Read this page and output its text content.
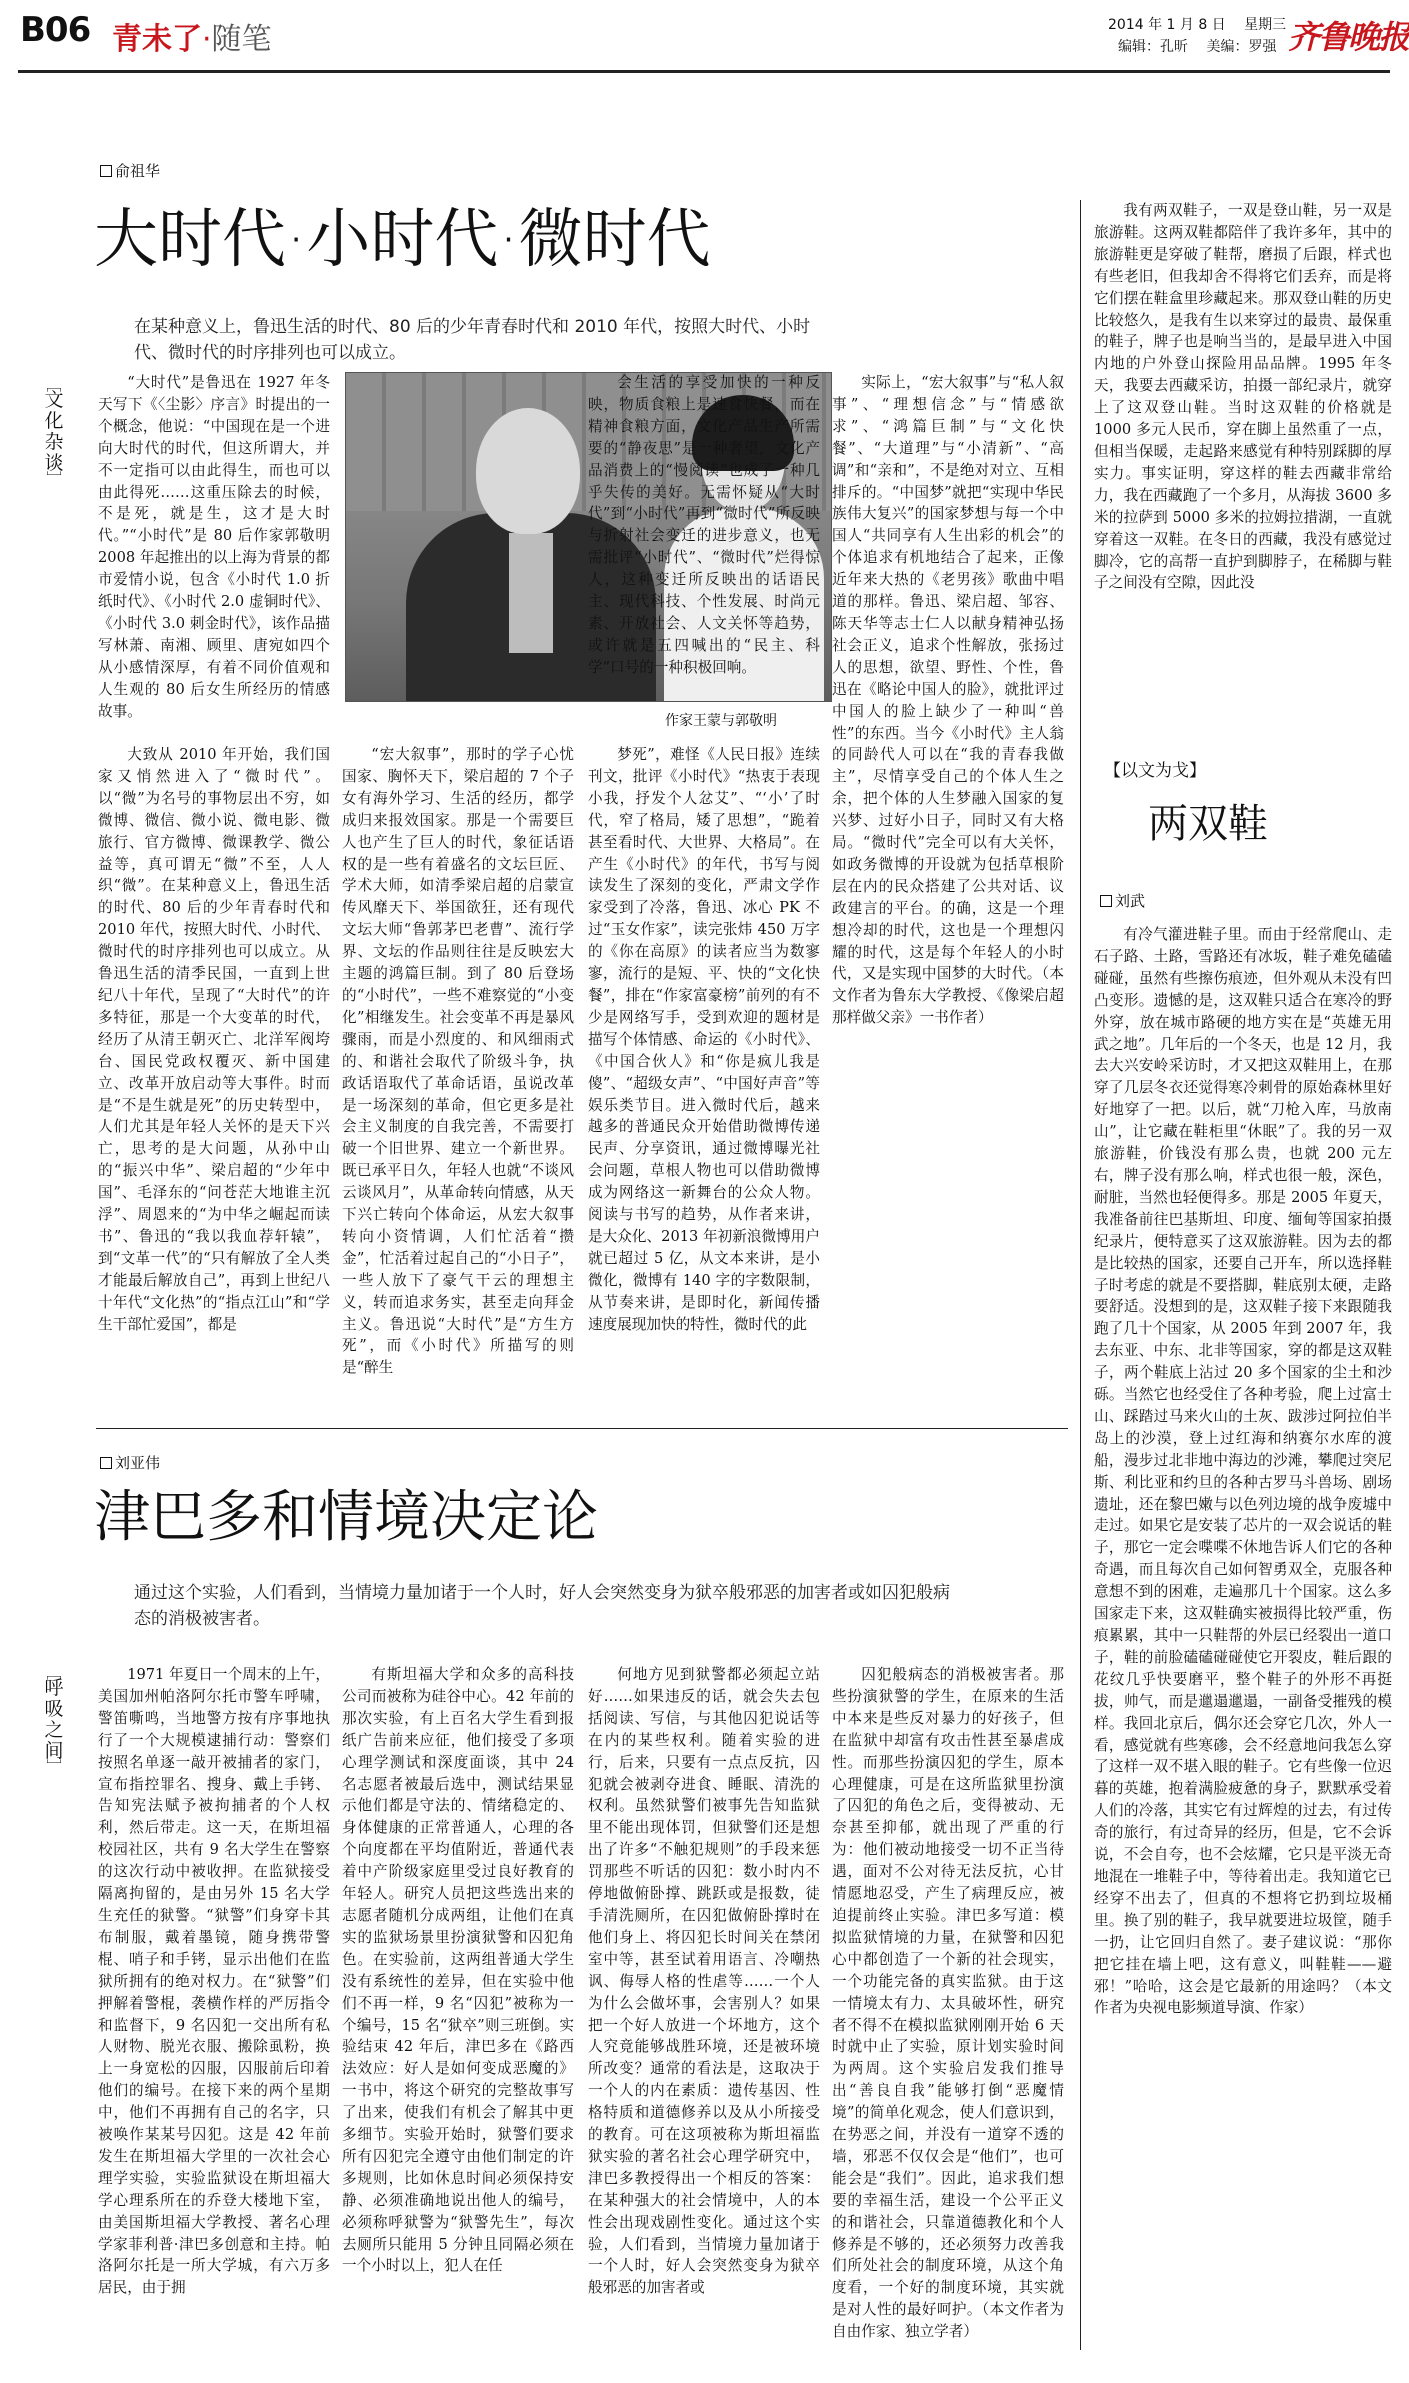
B06 青未了·随笔	2014 年 1 月 8 日 星期三
编辑：孔昕 美编：罗强 齐鲁晚报
俞祖华
大时代·小时代·微时代
在某种意义上，鲁迅生活的时代、80 后的少年青春时代和 2010 年代，按照大时代、小时代、微时代的时序排列也可以成立。
﹇
文
化
杂
谈
﹈

“大时代”是鲁迅在 1927 年冬天写下《〈尘影〉序言》时提出的一个概念，他说：“中国现在是一个进向大时代的时代，但这所谓大，并不一定指可以由此得生，而也可以由此得死……这重压除去的时候，不是死，就是生，这才是大时代。”“小时代”是 80 后作家郭敬明 2008 年起推出的以上海为背景的都市爱情小说，包含《小时代 1.0 折纸时代》、《小时代 2.0 虚铜时代》、《小时代 3.0 刺金时代》，该作品描写林萧、南湘、顾里、唐宛如四个从小感情深厚，有着不同价值观和人生观的 80 后女生所经历的情感故事。

作家王蒙与郭敬明

大致从 2010 年开始，我们国家又悄然进入了“微时代”。以“微”为名号的事物层出不穷，如微博、微信、微小说、微电影、微旅行、官方微博、微课教学、微公益等，真可谓无“微”不至，人人织“微”。在某种意义上，鲁迅生活的时代、80 后的少年青春时代和 2010 年代，按照大时代、小时代、微时代的时序排列也可以成立。从鲁迅生活的清季民国，一直到上世纪八十年代，呈现了“大时代”的许多特征，那是一个大变革的时代，经历了从清王朝灭亡、北洋军阀垮台、国民党政权覆灭、新中国建立、改革开放启动等大事件。时而是“不是生就是死”的历史转型中，人们尤其是年轻人关怀的是天下兴亡，思考的是大问题，从孙中山的“振兴中华”、梁启超的“少年中国”、毛泽东的“问苍茫大地谁主沉浮”、周恩来的“为中华之崛起而读书”、鲁迅的“我以我血荐轩辕”，到“文革一代”的“只有解放了全人类才能最后解放自己”，再到上世纪八十年代“文化热”的“指点江山”和“学生干部忙爱国”，都是

“宏大叙事”，那时的学子心忧国家、胸怀天下，梁启超的 7 个子女有海外学习、生活的经历，都学成归来报效国家。那是一个需要巨人也产生了巨人的时代，象征话语权的是一些有着盛名的文坛巨匠、学术大师，如清季梁启超的启蒙宣传风靡天下、举国欲狂，还有现代文坛大师“鲁郭茅巴老曹”、流行学界、文坛的作品则往往是反映宏大主题的鸿篇巨制。到了 80 后登场的“小时代”，一些不难察觉的“小变化”相继发生。社会变革不再是暴风骤雨，而是小烈度的、和风细雨式的、和谐社会取代了阶级斗争，执政话语取代了革命话语，虽说改革是一场深刻的革命，但它更多是社会主义制度的自我完善，不需要打破一个旧世界、建立一个新世界。既已承平日久，年轻人也就“不谈风云谈风月”，从革命转向情感，从天下兴亡转向个体命运，从宏大叙事转向小资情调，人们忙活着“攒金”，忙活着过起自己的“小日子”，一些人放下了豪气干云的理想主义，转而追求务实，甚至走向拜金主义。鲁迅说“大时代”是“方生方死”，而《小时代》所描写的则是“醉生

会生活的享受加快的一种反映，物质食粮上是速食快餐，而在精神食粮方面，文化产品生产所需要的“静夜思”是一种奢望，文化产品消费上的“慢阅读”也成了一种几乎失传的美好。无需怀疑从“大时代”到“小时代”再到“微时代”所反映与折射社会变迁的进步意义，也无需批评“小时代”、“微时代”烂得惊人，这种变迁所反映出的话语民主、现代科技、个性发展、时尚元素、开放社会、人文关怀等趋势，或许就是五四喊出的“民主、科学”口号的一种积极回响。

梦死”，难怪《人民日报》连续刊文，批评《小时代》“热衷于表现小我，抒发个人忿艾”、“‘小’了时代，窄了格局，矮了思想”，“跪着甚至看时代、大世界、大格局”。在产生《小时代》的年代，书写与阅读发生了深刻的变化，严肃文学作家受到了冷落，鲁迅、冰心 PK 不过“玉女作家”，读完张炜 450 万字的《你在高原》的读者应当为数寥寥，流行的是短、平、快的“文化快餐”，排在“作家富豪榜”前列的有不少是网络写手，受到欢迎的题材是描写个体情感、命运的《小时代》、《中国合伙人》和“你是疯儿我是傻”、“超级女声”、“中国好声音”等娱乐类节目。进入微时代后，越来越多的普通民众开始借助微博传递民声、分享资讯，通过微博曝光社会问题，草根人物也可以借助微博成为网络这一新舞台的公众人物。阅读与书写的趋势，从作者来讲，是大众化、2013 年初新浪微博用户就已超过 5 亿，从文本来讲，是小微化，微博有 140 字的字数限制，从节奏来讲，是即时化，新闻传播速度展现加快的特性，微时代的此

实际上，“宏大叙事”与“私人叙事”、“理想信念”与“情感欲求”、“鸿篇巨制”与“文化快餐”、“大道理”与“小清新”、“高调”和“亲和”，不是绝对对立、互相排斥的。“中国梦”就把“实现中华民族伟大复兴”的国家梦想与每一个中国人“共同享有人生出彩的机会”的个体追求有机地结合了起来，正像近年来大热的《老男孩》歌曲中唱道的那样。鲁迅、梁启超、邹容、陈天华等志士仁人以献身精神弘扬社会正义，追求个性解放，张扬过人的思想，欲望、野性、个性，鲁迅在《略论中国人的脸》，就批评过中国人的脸上缺少了一种叫“兽性”的东西。当今《小时代》主人翁的同龄代人可以在“我的青春我做主”，尽情享受自己的个体人生之余，把个体的人生梦融入国家的复兴梦、过好小日子，同时又有大格局。“微时代”完全可以有大关怀，如政务微博的开设就为包括草根阶层在内的民众搭建了公共对话、议政建言的平台。的确，这是一个理想冷却的时代，这也是一个理想闪耀的时代，这是每个年轻人的小时代，又是实现中国梦的大时代。（本文作者为鲁东大学教授、《像梁启超那样做父亲》一书作者）

刘亚伟
津巴多和情境决定论
通过这个实验，人们看到，当情境力量加诸于一个人时，好人会突然变身为狱卒般邪恶的加害者或如囚犯般病态的消极被害者。
﹇
呼
吸
之
间
﹈

1971 年夏日一个周末的上午，美国加州帕洛阿尔托市警车呼啸，警笛嘶鸣，当地警方按有序事地执行了一个大规模逮捕行动：警察们按照名单逐一敲开被捕者的家门，宣布指控罪名、搜身、戴上手铐、告知宪法赋予被拘捕者的个人权利，然后带走。这一天，在斯坦福校园社区，共有 9 名大学生在警察的这次行动中被收押。在监狱接受隔离拘留的，是由另外 15 名大学生充任的狱警。“狱警”们身穿卡其布制服，戴着墨镜，随身携带警棍、哨子和手铐，显示出他们在监狱所拥有的绝对权力。在“狱警”们押解着警棍，袭横作样的严厉指令和监督下，9 名囚犯一交出所有私人财物、脱光衣服、搬除虱粉，换上一身宽松的囚服，囚服前后印着他们的编号。在接下来的两个星期中，他们不再拥有自己的名字，只被唤作某某号囚犯。这是 42 年前发生在斯坦福大学里的一次社会心理学实验，实验监狱设在斯坦福大学心理系所在的乔登大楼地下室，由美国斯坦福大学教授、著名心理学家菲利普·津巴多创意和主持。帕洛阿尔托是一所大学城，有六万多居民，由于拥

有斯坦福大学和众多的高科技公司而被称为硅谷中心。42 年前的那次实验，有上百名大学生看到报纸广告前来应征，他们接受了多项心理学测试和深度面谈，其中 24 名志愿者被最后选中，测试结果显示他们都是守法的、情绪稳定的、身体健康的正常普通人，心理的各个向度都在平均值附近，普通代表着中产阶级家庭里受过良好教育的年轻人。研究人员把这些选出来的志愿者随机分成两组，让他们在真实的监狱场景里扮演狱警和囚犯角色。在实验前，这两组普通大学生没有系统性的差异，但在实验中他们不再一样，9 名“囚犯”被称为一个编号，15 名“狱卒”则三班倒。实验结束 42 年后，津巴多在《路西法效应：好人是如何变成恶魔的》一书中，将这个研究的完整故事写了出来，使我们有机会了解其中更多细节。实验开始时，狱警们要求所有囚犯完全遵守由他们制定的许多规则，比如休息时间必须保持安静、必须准确地说出他人的编号，必须称呼狱警为“狱警先生”，每次去厕所只能用 5 分钟且同隔必须在一个小时以上，犯人在任

何地方见到狱警都必须起立站好……如果违反的话，就会失去包括阅读、写信，与其他囚犯说话等在内的某些权利。随着实验的进行，后来，只要有一点点反抗，囚犯就会被剥夺进食、睡眠、清洗的权利。虽然狱警们被事先告知监狱里不能出现体罚，但狱警们还是想出了许多“不触犯规则”的手段来惩罚那些不听话的囚犯：数小时内不停地做俯卧撑、跳跃或是报数，徒手清洗厕所，在囚犯做俯卧撑时在他们身上、将囚犯长时间关在禁闭室中等，甚至试着用语言、冷嘲热讽、侮辱人格的性虐等……一个人为什么会做坏事，会害别人？如果把一个好人放进一个坏地方，这个人究竟能够战胜环境，还是被环境所改变？通常的看法是，这取决于一个人的内在素质：遗传基因、性格特质和道德修养以及从小所接受的教育。可在这项被称为斯坦福监狱实验的著名社会心理学研究中，津巴多教授得出一个相反的答案：在某种强大的社会情境中，人的本性会出现戏剧性变化。通过这个实验，人们看到，当情境力量加诸于一个人时，好人会突然变身为狱卒般邪恶的加害者或

囚犯般病态的消极被害者。那些扮演狱警的学生，在原来的生活中本来是些反对暴力的好孩子，但在监狱中却富有攻击性甚至暴虐成性。而那些扮演囚犯的学生，原本心理健康，可是在这所监狱里扮演了囚犯的角色之后，变得被动、无奈甚至抑郁，就出现了严重的行为：他们被动地接受一切不正当待遇，面对不公对待无法反抗，心甘情愿地忍受，产生了病理反应，被迫提前终止实验。津巴多写道：模拟监狱情境的力量，在狱警和囚犯心中都创造了一个新的社会现实，一个功能完备的真实监狱。由于这一情境太有力、太具破坏性，研究者不得不在模拟监狱刚刚开始 6 天时就中止了实验，原计划实验时间为两周。这个实验启发我们推导出“善良自我”能够打倒“恶魔情境”的简单化观念，使人们意识到，在势恶之间，并没有一道穿不透的墙，邪恶不仅仅会是“他们”，也可能会是“我们”。因此，追求我们想要的幸福生活，建设一个公平正义的和谐社会，只靠道德教化和个人修养是不够的，还必须努力改善我们所处社会的制度环境，从这个角度看，一个好的制度环境，其实就是对人性的最好呵护。（本文作者为自由作家、独立学者）

我有两双鞋子，一双是登山鞋，另一双是旅游鞋。这两双鞋都陪伴了我许多年，其中的旅游鞋更是穿破了鞋帮，磨损了后跟，样式也有些老旧，但我却舍不得将它们丢弃，而是将它们摆在鞋盒里珍藏起来。那双登山鞋的历史比较悠久，是我有生以来穿过的最贵、最保重的鞋子，牌子也是响当当的，是最早进入中国内地的户外登山探险用品品牌。1995 年冬天，我要去西藏采访，拍摄一部纪录片，就穿上了这双登山鞋。当时这双鞋的价格就是 1000 多元人民币，穿在脚上虽然重了一点，但相当保暖，走起路来感觉有种特别踩脚的厚实力。事实证明，穿这样的鞋去西藏非常给力，我在西藏跑了一个多月，从海拔 3600 多米的拉萨到 5000 多米的拉姆拉措湖，一直就穿着这一双鞋。在冬日的西藏，我没有感觉过脚冷，它的高帮一直护到脚脖子，在稀脚与鞋子之间没有空隙，因此没

【以文为戈】
两双鞋
刘武

有冷气灌进鞋子里。而由于经常爬山、走石子路、土路，雪路还有冰坂，鞋子难免磕磕碰碰，虽然有些擦伤痕迹，但外观从未没有凹凸变形。遗憾的是，这双鞋只适合在寒冷的野外穿，放在城市路硬的地方实在是“英雄无用武之地”。几年后的一个冬天，也是 12 月，我去大兴安岭采访时，才又把这双鞋用上，在那穿了几层冬衣还觉得寒冷刺骨的原始森林里好好地穿了一把。以后，就“刀枪入库，马放南山”，让它藏在鞋柜里“休眠”了。我的另一双旅游鞋，价钱没有那么贵，也就 200 元左右，牌子没有那么响，样式也很一般，深色，耐脏，当然也轻便得多。那是 2005 年夏天，我准备前往巴基斯坦、印度、缅甸等国家拍摄纪录片，便特意买了这双旅游鞋。因为去的都是比较热的国家，还要自己开车，所以选择鞋子时考虑的就是不要搭脚，鞋底别太硬，走路要舒适。没想到的是，这双鞋子接下来跟随我跑了几十个国家，从 2005 年到 2007 年，我去东亚、中东、北非等国家，穿的都是这双鞋子，两个鞋底上沾过 20 多个国家的尘土和沙砾。当然它也经受住了各种考验，爬上过富士山、踩踏过马来火山的土灰、跋涉过阿拉伯半岛上的沙漠，登上过红海和纳赛尔水库的渡船，漫步过北非地中海边的沙滩，攀爬过突尼斯、利比亚和约旦的各种古罗马斗兽场、剧场遗址，还在黎巴嫩与以色列边境的战争废墟中走过。如果它是安装了芯片的一双会说话的鞋子，那它一定会喋喋不休地告诉人们它的各种奇遇，而且每次自己如何智勇双全，克服各种意想不到的困难，走遍那几十个国家。这么多国家走下来，这双鞋确实被损得比较严重，伤痕累累，其中一只鞋帮的外层已经裂出一道口子，鞋的前脸磕磕碰碰使它开裂皮，鞋后跟的花纹几乎快要磨平，整个鞋子的外形不再挺拔，帅气，而是邋遢邋遢，一副备受摧残的模样。我回北京后，偶尔还会穿它几次，外人一看，感觉就有些寒碜，会不经意地问我怎么穿了这样一双不堪入眼的鞋子。它有些像一位迟暮的英雄，抱着满脸疲惫的身子，默默承受着人们的冷落，其实它有过辉煌的过去，有过传奇的旅行，有过奇异的经历，但是，它不会诉说，不会自夸，也不会炫耀，它只是平淡无奇地混在一堆鞋子中，等待着出走。我知道它已经穿不出去了，但真的不想将它扔到垃圾桶里。换了别的鞋子，我早就要进垃圾筐，随手一扔，让它回归自然了。妻子建议说：“那你把它挂在墙上吧，这有意义，叫鞋鞋——避邪！”哈哈，这会是它最新的用途吗？（本文作者为央视电影频道导演、作家）
